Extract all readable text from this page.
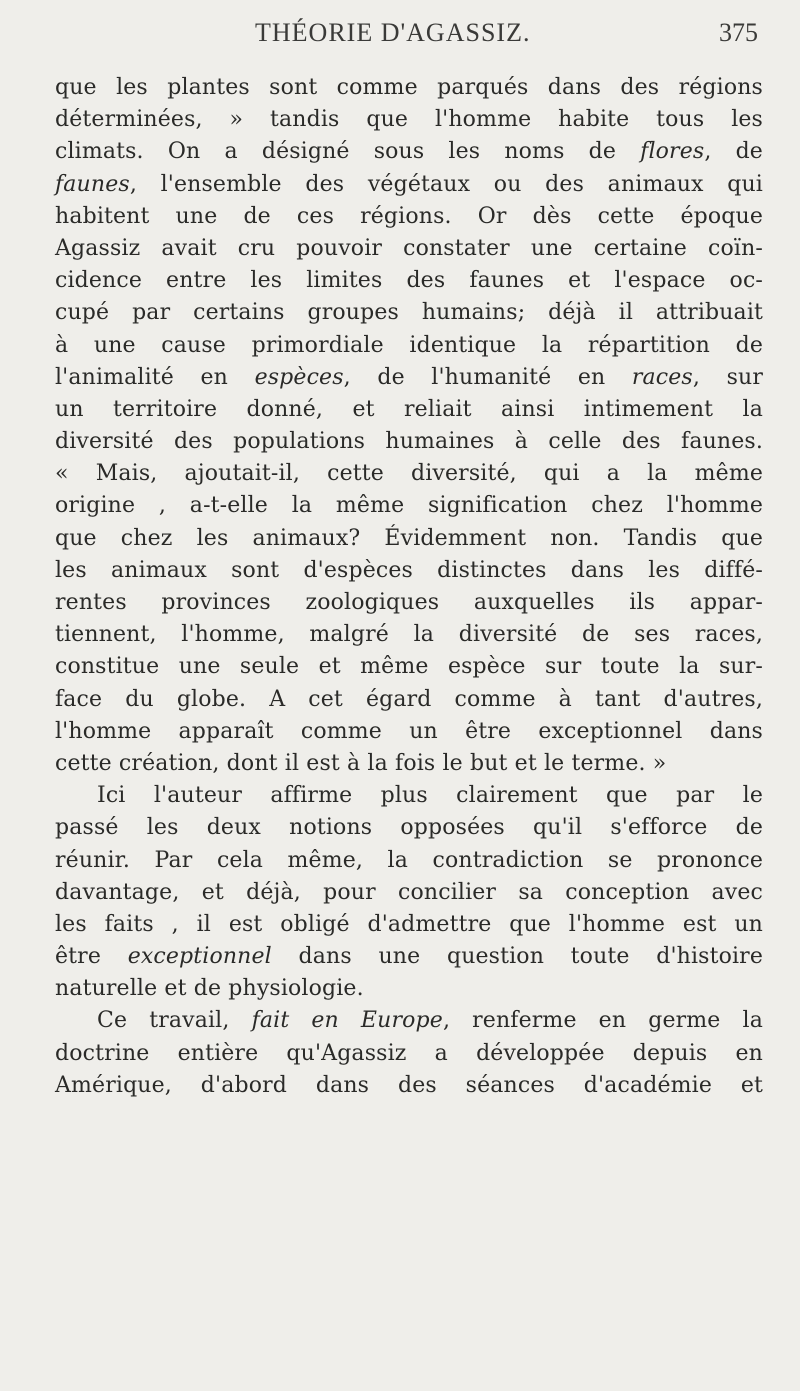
THÉORIE D'AGASSIZ.	375
que les plantes sont comme parqués dans des régions
déterminées, » tandis que l'homme habite tous les
climats. On a désigné sous les noms de flores, de
faunes, l'ensemble des végétaux ou des animaux qui
habitent une de ces régions. Or dès cette époque
Agassiz avait cru pouvoir constater une certaine coïn-
cidence entre les limites des faunes et l'espace oc-
cupé par certains groupes humains; déjà il attribuait
à une cause primordiale identique la répartition de
l'animalité en espèces, de l'humanité en races, sur
un territoire donné, et reliait ainsi intimement la
diversité des populations humaines à celle des faunes.
« Mais, ajoutait-il, cette diversité, qui a la même
origine , a-t-elle la même signification chez l'homme
que chez les animaux? Évidemment non. Tandis que
les animaux sont d'espèces distinctes dans les diffé-
rentes provinces zoologiques auxquelles ils appar-
tiennent, l'homme, malgré la diversité de ses races,
constitue une seule et même espèce sur toute la sur-
face du globe. A cet égard comme à tant d'autres,
l'homme apparaît comme un être exceptionnel dans
cette création, dont il est à la fois le but et le terme. »
Ici l'auteur affirme plus clairement que par le
passé les deux notions opposées qu'il s'efforce de
réunir. Par cela même, la contradiction se prononce
davantage, et déjà, pour concilier sa conception avec
les faits , il est obligé d'admettre que l'homme est un
être exceptionnel dans une question toute d'histoire
naturelle et de physiologie.
Ce travail, fait en Europe, renferme en germe la
doctrine entière qu'Agassiz a développée depuis en
Amérique, d'abord dans des séances d'académie et
